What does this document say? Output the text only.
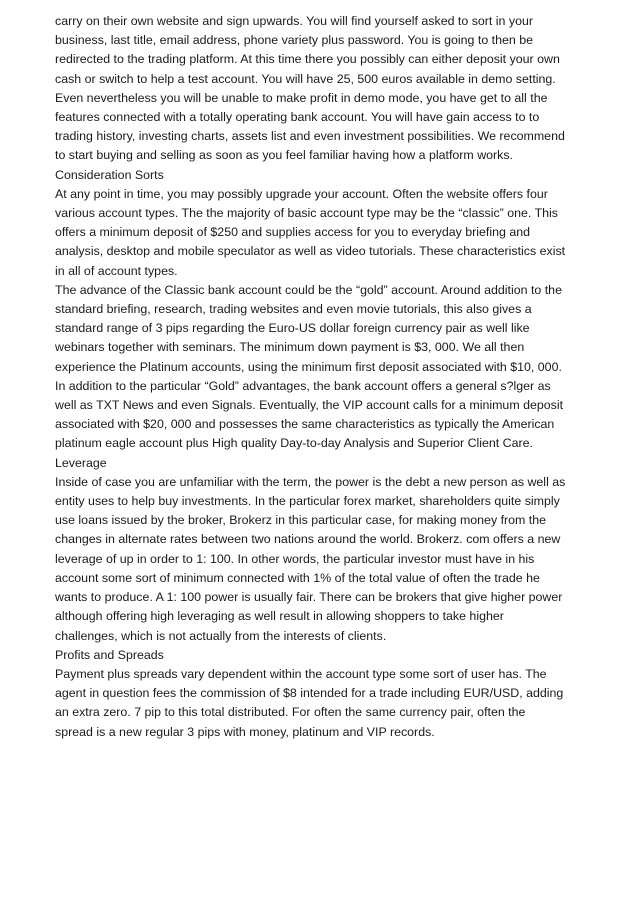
carry on their own website and sign upwards. You will find yourself asked to sort in your
business, last title, email address, phone variety plus password. You is going to then be
redirected to the trading platform. At this time there you possibly can either deposit your own
cash or switch to help a test account. You will have 25, 500 euros available in demo setting.
Even nevertheless you will be unable to make profit in demo mode, you have get to all the
features connected with a totally operating bank account. You will have gain access to to
trading history, investing charts, assets list and even investment possibilities. We recommend
to start buying and selling as soon as you feel familiar having how a platform works.
Consideration Sorts
At any point in time, you may possibly upgrade your account. Often the website offers four
various account types. The the majority of basic account type may be the “classic” one. This
offers a minimum deposit of $250 and supplies access for you to everyday briefing and
analysis, desktop and mobile speculator as well as video tutorials. These characteristics exist
in all of account types.
The advance of the Classic bank account could be the “gold” account. Around addition to the
standard briefing, research, trading websites and even movie tutorials, this also gives a
standard range of 3 pips regarding the Euro-US dollar foreign currency pair as well like
webinars together with seminars. The minimum down payment is $3, 000. We all then
experience the Platinum accounts, using the minimum first deposit associated with $10, 000.
In addition to the particular “Gold” advantages, the bank account offers a general s?lger as
well as TXT News and even Signals. Eventually, the VIP account calls for a minimum deposit
associated with $20, 000 and possesses the same characteristics as typically the American
platinum eagle account plus High quality Day-to-day Analysis and Superior Client Care.
Leverage
Inside of case you are unfamiliar with the term, the power is the debt a new person as well as
entity uses to help buy investments. In the particular forex market, shareholders quite simply
use loans issued by the broker, Brokerz in this particular case, for making money from the
changes in alternate rates between two nations around the world. Brokerz. com offers a new
leverage of up in order to 1: 100. In other words, the particular investor must have in his
account some sort of minimum connected with 1% of the total value of often the trade he
wants to produce. A 1: 100 power is usually fair. There can be brokers that give higher power
although offering high leveraging as well result in allowing shoppers to take higher
challenges, which is not actually from the interests of clients.
Profits and Spreads
Payment plus spreads vary dependent within the account type some sort of user has. The
agent in question fees the commission of $8 intended for a trade including EUR/USD, adding
an extra zero. 7 pip to this total distributed. For often the same currency pair, often the
spread is a new regular 3 pips with money, platinum and VIP records.
